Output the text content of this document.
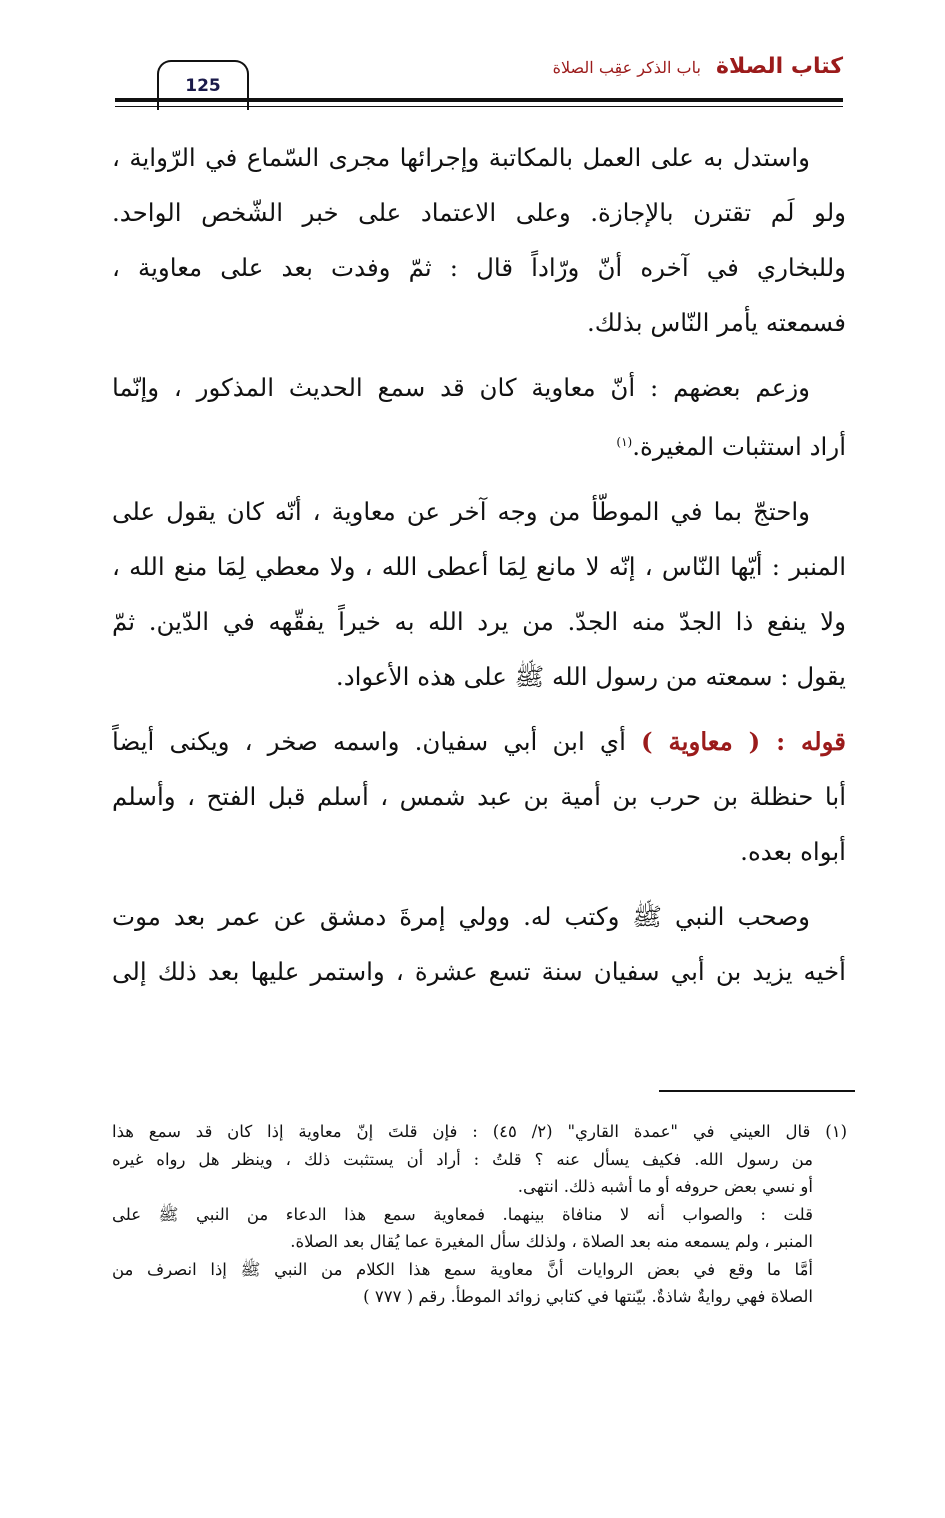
125
كتاب الصلاة باب الذكر عقِب الصلاة
واستدل به على العمل بالمكاتبة وإجرائها مجرى السّماع في الرّواية ،
ولو لَم تقترن بالإجازة. وعلى الاعتماد على خبر الشّخص الواحد.
وللبخاري في آخره أنّ ورّاداً قال : ثمّ وفدت بعد على معاوية ،
فسمعته يأمر النّاس بذلك.
وزعم بعضهم : أنّ معاوية كان قد سمع الحديث المذكور ، وإنّما
أراد استثبات المغيرة.$^{(١)}$
واحتجّ بما في الموطّأ من وجه آخر عن معاوية ، أنّه كان يقول على
المنبر : أيّها النّاس ، إنّه لا مانع لِمَا أعطى الله ، ولا معطي لِمَا منع الله ،
ولا ينفع ذا الجدّ منه الجدّ. من يرد الله به خيراً يفقّهه في الدّين. ثمّ
يقول : سمعته من رسول الله ﷺ على هذه الأعواد.
قوله : ( معاوية ) أي ابن أبي سفيان. واسمه صخر ، ويكنى أيضاً
أبا حنظلة بن حرب بن أمية بن عبد شمس ، أسلم قبل الفتح ، وأسلم
أبواه بعده.
وصحب النبي ﷺ وكتب له. وولي إمرةَ دمشق عن عمر بعد موت
أخيه يزيد بن أبي سفيان سنة تسع عشرة ، واستمر عليها بعد ذلك إلى
(١) قال العيني في "عمدة القاري" (٢/ ٤٥) : فإن قلتَ إنّ معاوية إذا كان قد سمع هذا
من رسول الله. فكيف يسأل عنه ؟ قلتُ : أراد أن يستثبت ذلك ، وينظر هل رواه غيره
أو نسي بعض حروفه أو ما أشبه ذلك. انتهى.
قلت : والصواب أنه لا منافاة بينهما. فمعاوية سمع هذا الدعاء من النبي ﷺ على
المنبر ، ولم يسمعه منه بعد الصلاة ، ولذلك سأل المغيرة عما يُقال بعد الصلاة.
أمَّا ما وقع في بعض الروايات أنَّ معاوية سمع هذا الكلام من النبي ﷺ إذا انصرف من
الصلاة فهي روايةٌ شاذةٌ. بيّنتها في كتابي زوائد الموطأ. رقم ( ٧٧٧ )
